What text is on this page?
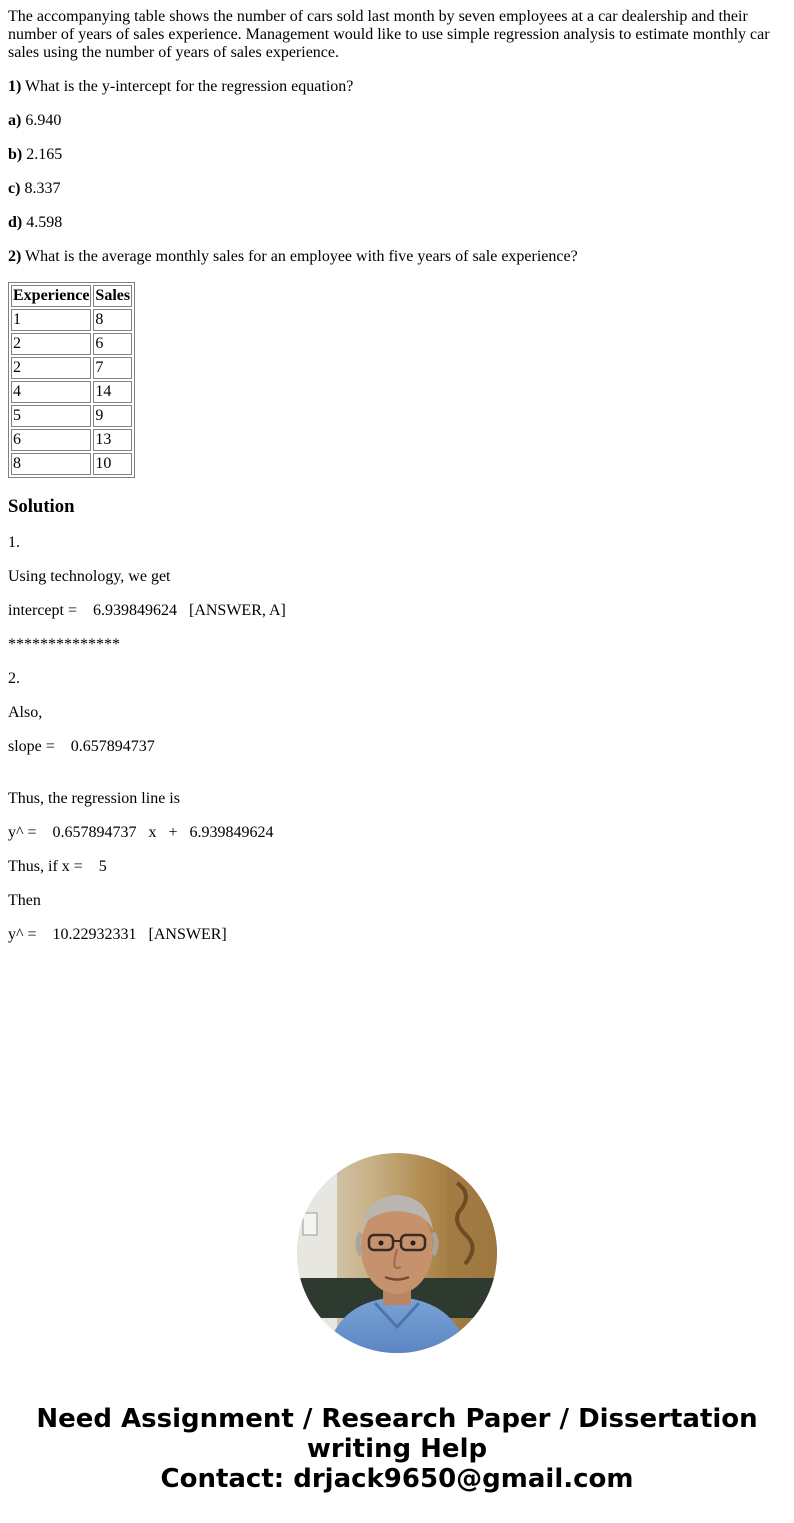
The accompanying table shows the number of cars sold last month by seven employees at a car dealership and their number of years of sales experience. Management would like to use simple regression analysis to estimate monthly car sales using the number of years of sales experience.

1) What is the y-intercept for the regression equation?

a) 6.940

b) 2.165

c) 8.337

d) 4.598

2) What is the average monthly sales for an employee with five years of sale experience?

Experience	Sales
1	8
2	6
2	7
4	14
5	9
6	13
8	10
Solution

1.

Using technology, we get

intercept =    6.939849624   [ANSWER, A]

**************

2.

Also,

slope =    0.657894737

Thus, the regression line is

y^ =    0.657894737   x   +   6.939849624

Thus, if x =    5

Then

y^ =    10.22932331   [ANSWER]

Need Assignment / Research Paper / Dissertation
writing Help
Contact: drjack9650@gmail.com
